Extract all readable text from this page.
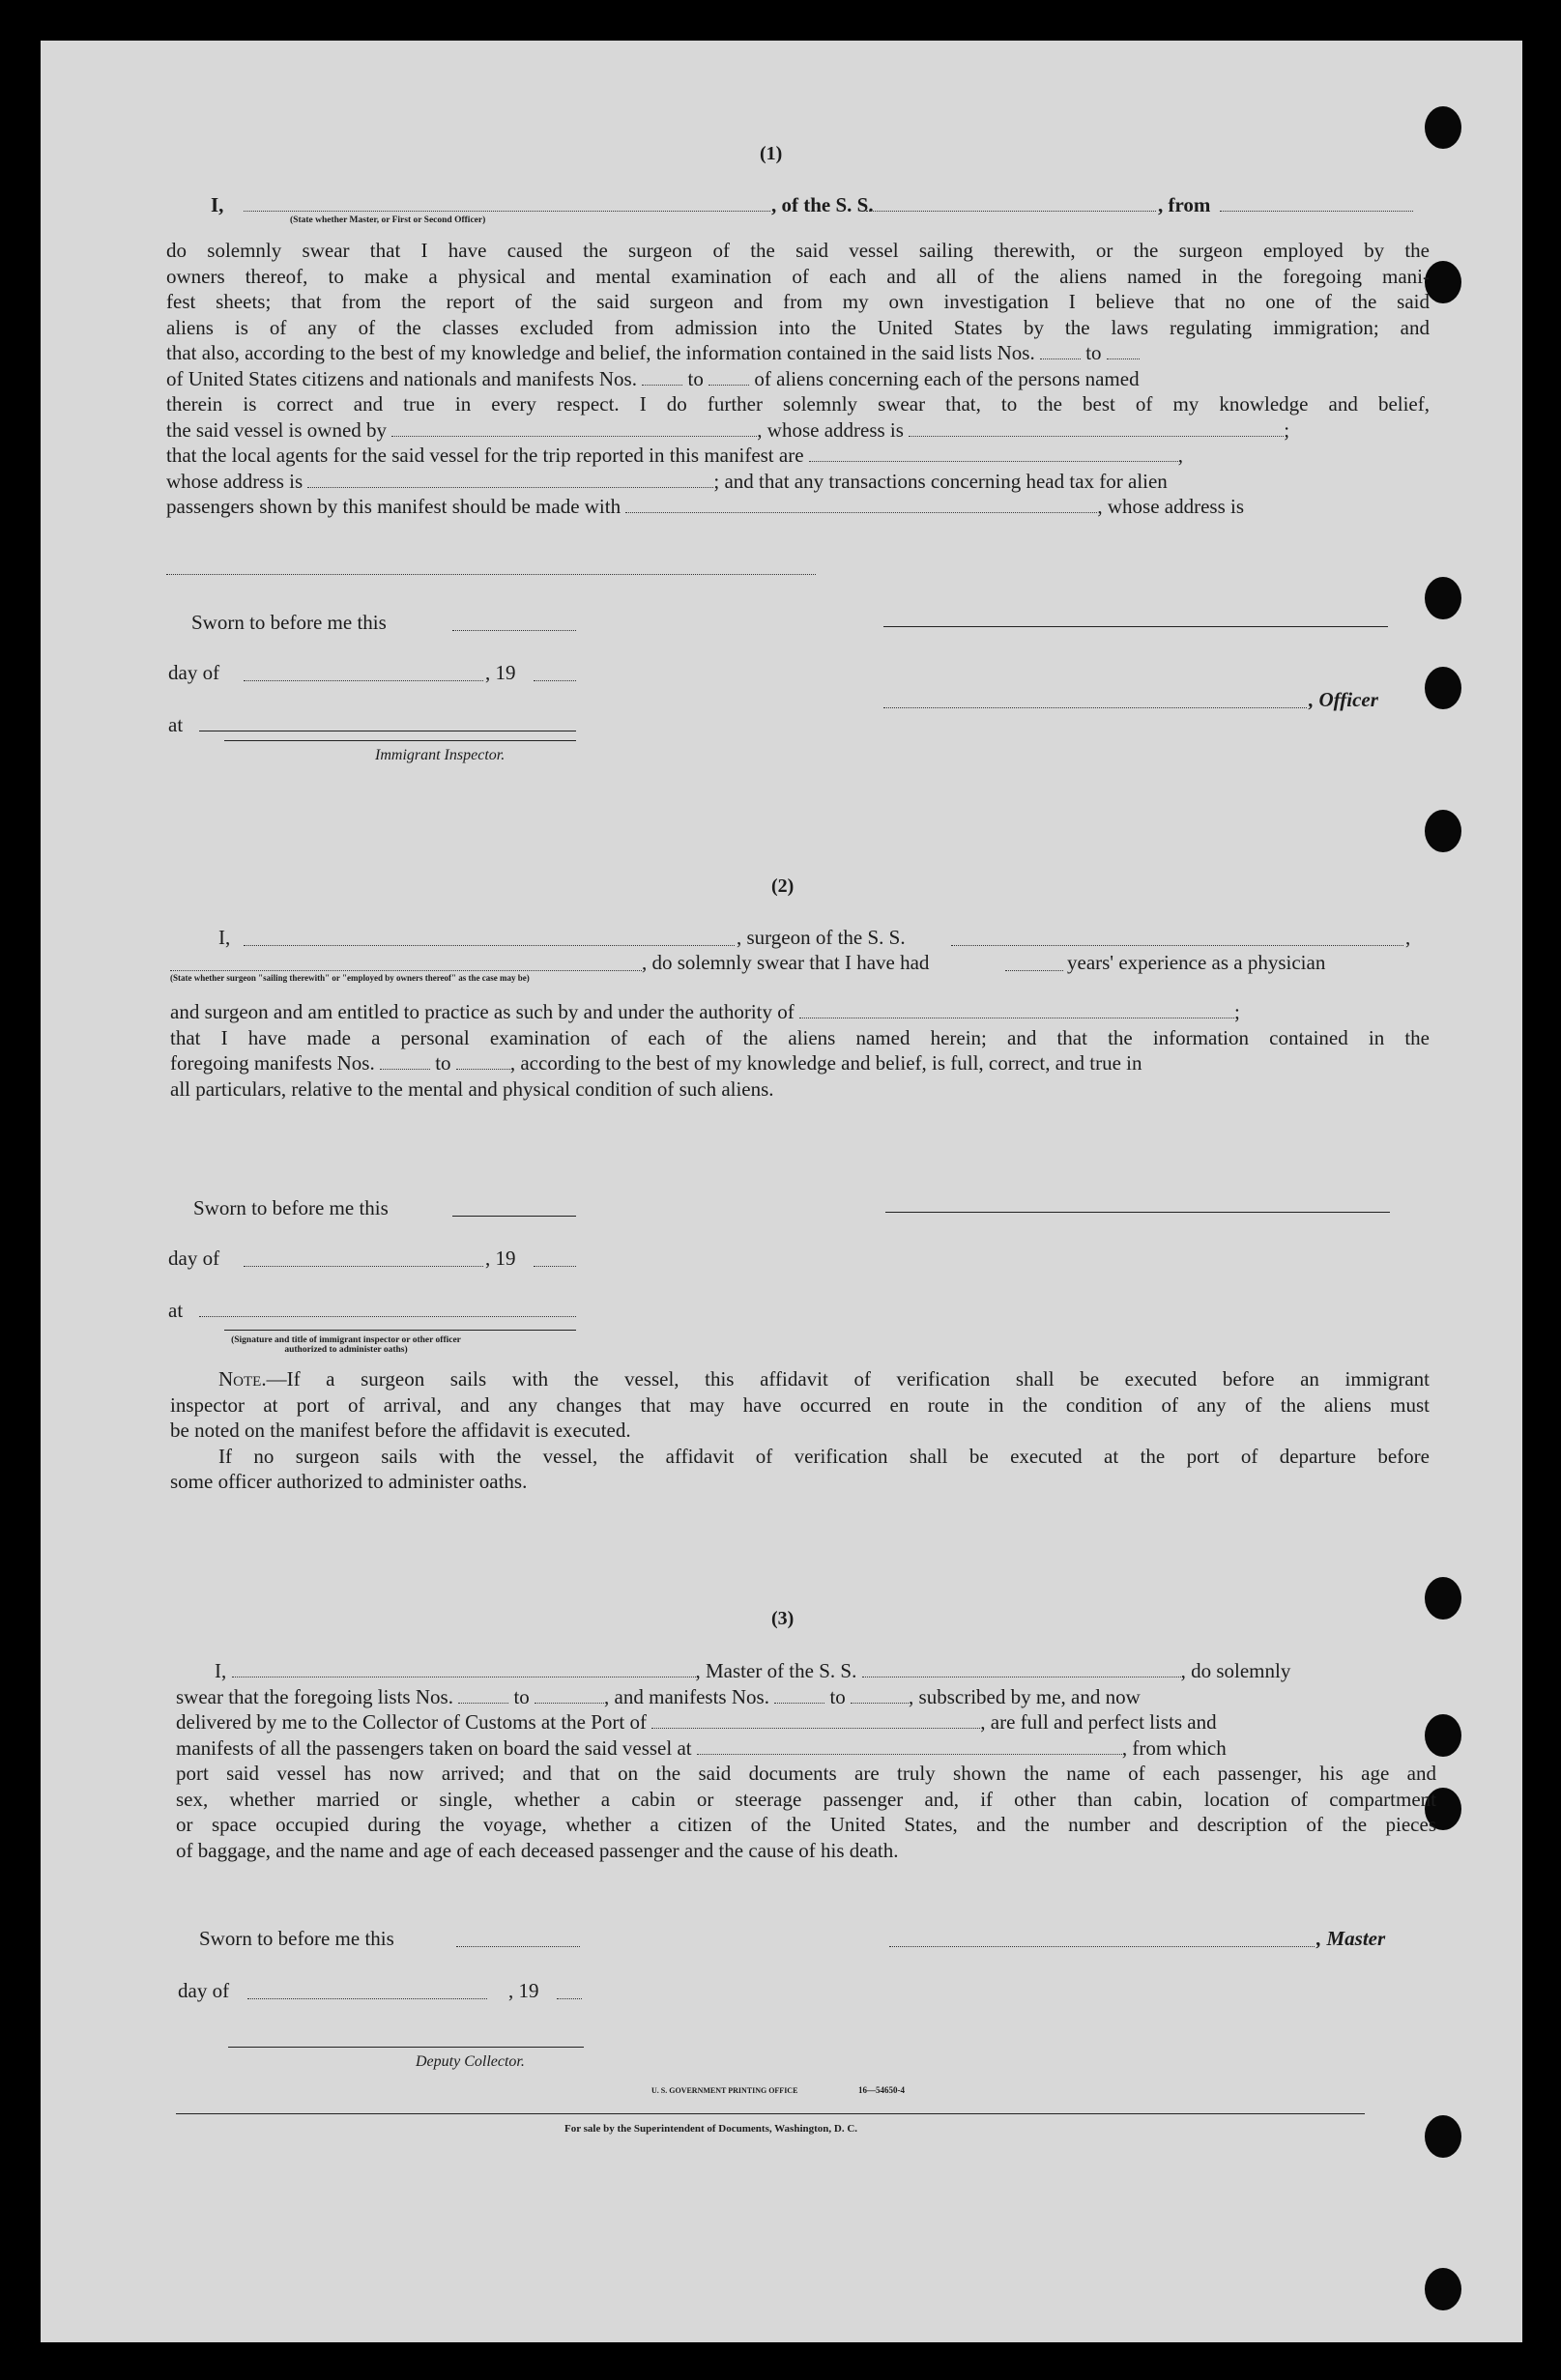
(1)
I,
(State whether Master, or First or Second Officer)
, of the S. S.	, from

do solemnly swear that I have caused the surgeon of the said vessel sailing therewith, or the surgeon employed by the

owners thereof, to make a physical and mental examination of each and all of the aliens named in the foregoing mani-

fest sheets; that from the report of the said surgeon and from my own investigation I believe that no one of the said

aliens is of any of the classes excluded from admission into the United States by the laws regulating immigration; and

that also, according to the best of my knowledge and belief, the information contained in the said lists Nos.	to

of United States citizens and nationals and manifests Nos.	to	of aliens concerning each of the persons named

therein is correct and true in every respect. I do further solemnly swear that, to the best of my knowledge and belief,

the said vessel is owned by	, whose address is	;

that the local agents for the said vessel for the trip reported in this manifest are	,

whose address is	; and that any transactions concerning head tax for alien

passengers shown by this manifest should be made with	, whose address is

Sworn to before me this
day of	, 19
, Officer
at
Immigrant Inspector.
(2)
I,	, surgeon of the S. S.	,
, do solemnly swear that I have had	years' experience as a physician
(State whether surgeon "sailing therewith" or "employed by owners thereof" as the case may be)

and surgeon and am entitled to practice as such by and under the authority of	;

that I have made a personal examination of each of the aliens named herein; and that the information contained in the

foregoing manifests Nos.	to	, according to the best of my knowledge and belief, is full, correct, and true in

all particulars, relative to the mental and physical condition of such aliens.

Sworn to before me this
day of	, 19
at
(Signature and title of immigrant inspector or other officer authorized to administer oaths)

Note.—If a surgeon sails with the vessel, this affidavit of verification shall be executed before an immigrant

inspector at port of arrival, and any changes that may have occurred en route in the condition of any of the aliens must

be noted on the manifest before the affidavit is executed.

If no surgeon sails with the vessel, the affidavit of verification shall be executed at the port of departure before

some officer authorized to administer oaths.

(3)

I,	, Master of the S. S.	, do solemnly

swear that the foregoing lists Nos.	to	, and manifests Nos.	to	, subscribed by me, and now

delivered by me to the Collector of Customs at the Port of	, are full and perfect lists and

manifests of all the passengers taken on board the said vessel at	, from which

port said vessel has now arrived; and that on the said documents are truly shown the name of each passenger, his age and

sex, whether married or single, whether a cabin or steerage passenger and, if other than cabin, location of compartment

or space occupied during the voyage, whether a citizen of the United States, and the number and description of the pieces

of baggage, and the name and age of each deceased passenger and the cause of his death.

Sworn to before me this	, Master
day of	, 19
Deputy Collector.
U. S. GOVERNMENT PRINTING OFFICE	16—54650-4
For sale by the Superintendent of Documents, Washington, D. C.
